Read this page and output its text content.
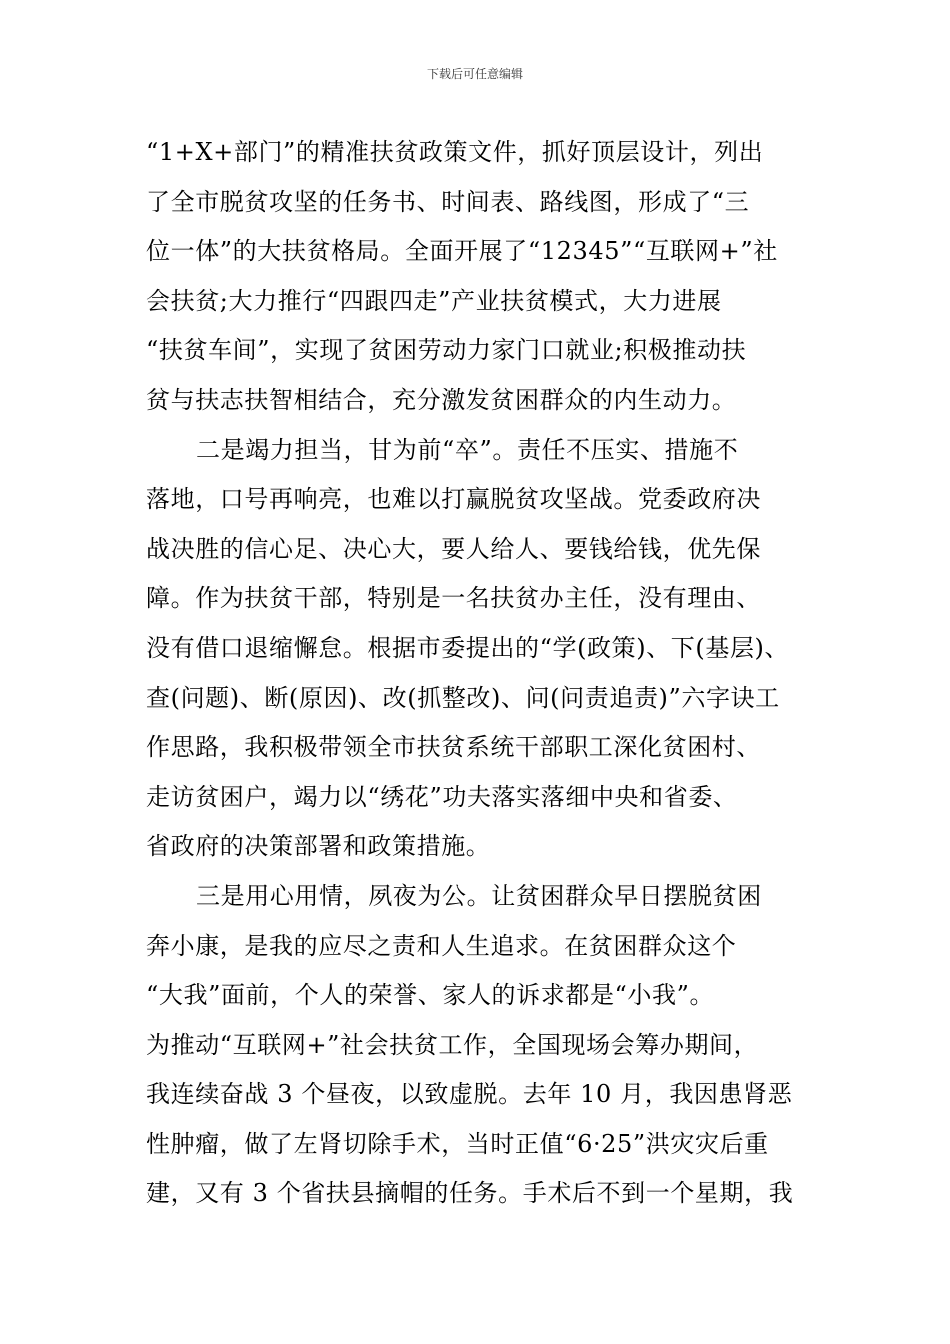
下载后可任意编辑
“1+X+部门”的精准扶贫政策文件，抓好顶层设计，列出
了全市脱贫攻坚的任务书、时间表、路线图，形成了“三
位一体”的大扶贫格局。全面开展了“12345”“互联网+”社
会扶贫;大力推行“四跟四走”产业扶贫模式，大力进展
“扶贫车间”，实现了贫困劳动力家门口就业;积极推动扶
贫与扶志扶智相结合，充分激发贫困群众的内生动力。
二是竭力担当，甘为前“卒”。责任不压实、措施不
落地，口号再响亮，也难以打赢脱贫攻坚战。党委政府决
战决胜的信心足、决心大，要人给人、要钱给钱，优先保
障。作为扶贫干部，特别是一名扶贫办主任，没有理由、
没有借口退缩懈怠。根据市委提出的“学(政策)、下(基层)、
查(问题)、断(原因)、改(抓整改)、问(问责追责)”六字诀工
作思路，我积极带领全市扶贫系统干部职工深化贫困村、
走访贫困户，竭力以“绣花”功夫落实落细中央和省委、
省政府的决策部署和政策措施。
三是用心用情，夙夜为公。让贫困群众早日摆脱贫困
奔小康，是我的应尽之责和人生追求。在贫困群众这个
“大我”面前，个人的荣誉、家人的诉求都是“小我”。
为推动“互联网+”社会扶贫工作，全国现场会筹办期间，
我连续奋战 3 个昼夜，以致虚脱。去年 10 月，我因患肾恶
性肿瘤，做了左肾切除手术，当时正值“6·25”洪灾灾后重
建，又有 3 个省扶县摘帽的任务。手术后不到一个星期，我
